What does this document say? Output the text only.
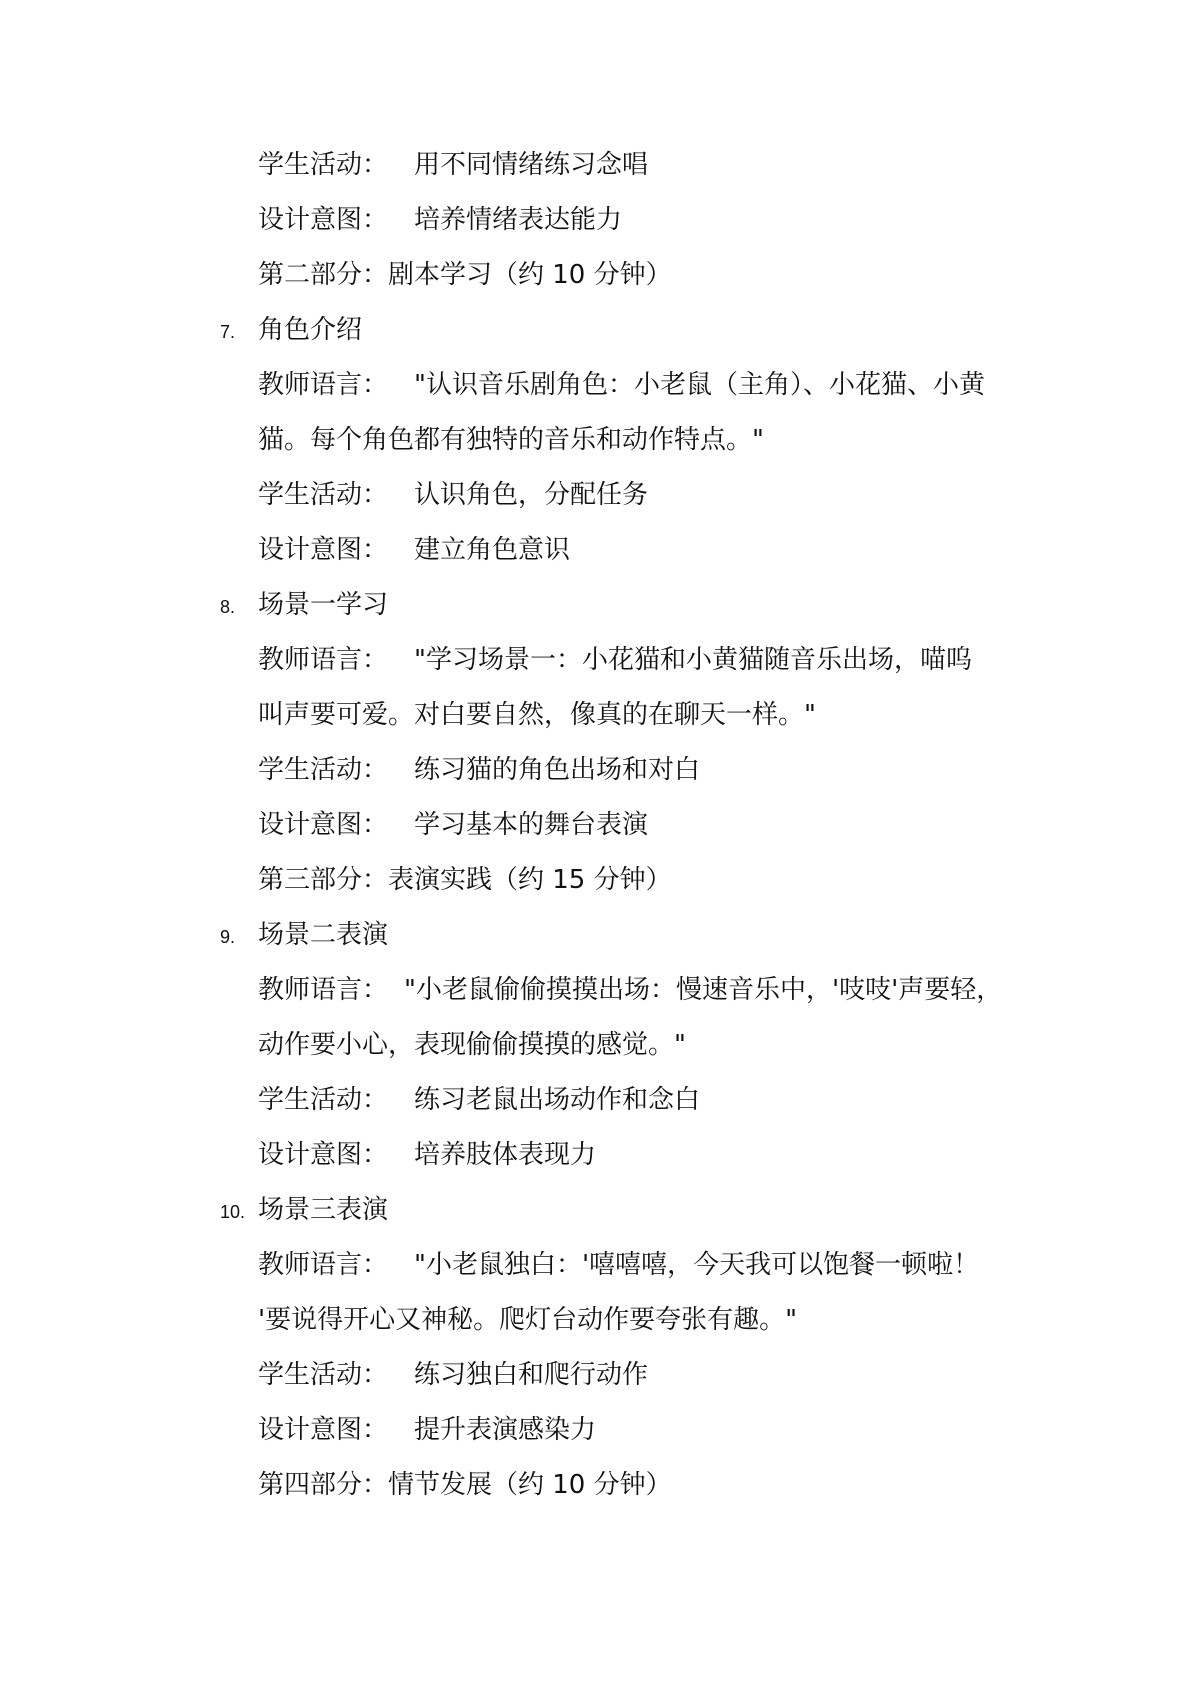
学生活动： 用不同情绪练习念唱
设计意图： 培养情绪表达能力
第二部分：剧本学习（约 10 分钟）
7. 角色介绍
教师语言： "认识音乐剧角色：小老鼠（主角）、小花猫、小黄
猫。每个角色都有独特的音乐和动作特点。"
学生活动： 认识角色，分配任务
设计意图： 建立角色意识
8. 场景一学习
教师语言： "学习场景一：小花猫和小黄猫随音乐出场，喵呜
叫声要可爱。对白要自然，像真的在聊天一样。"
学生活动： 练习猫的角色出场和对白
设计意图： 学习基本的舞台表演
第三部分：表演实践（约 15 分钟）
9. 场景二表演
教师语言： "小老鼠偷偷摸摸出场：慢速音乐中，'吱吱'声要轻，
动作要小心，表现偷偷摸摸的感觉。"
学生活动： 练习老鼠出场动作和念白
设计意图： 培养肢体表现力
10. 场景三表演
教师语言： "小老鼠独白：'嘻嘻嘻，今天我可以饱餐一顿啦！
'要说得开心又神秘。爬灯台动作要夸张有趣。"
学生活动： 练习独白和爬行动作
设计意图： 提升表演感染力
第四部分：情节发展（约 10 分钟）
